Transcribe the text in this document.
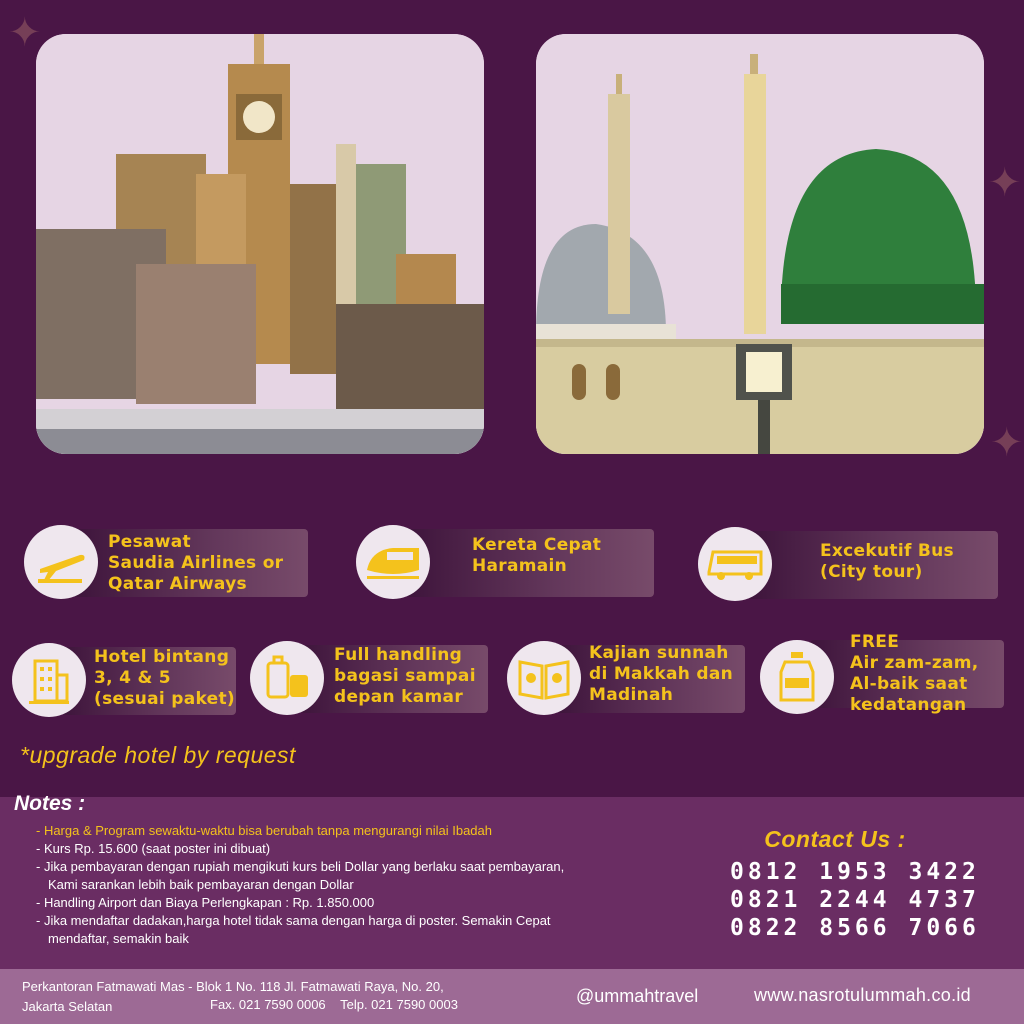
✦
✦
✦
Pesawat
Saudia Airlines or
Qatar Airways
Kereta Cepat
Haramain
Excekutif Bus
(City tour)
Hotel bintang
3, 4 & 5
(sesuai paket)
Full handling
bagasi sampai
depan kamar
Kajian sunnah
di Makkah dan
Madinah
FREE
Air zam-zam,
Al-baik saat
kedatangan
*upgrade hotel by request
Notes :
- Harga & Program sewaktu-waktu bisa berubah tanpa mengurangi nilai Ibadah
- Kurs Rp. 15.600 (saat poster ini dibuat)
- Jika pembayaran dengan rupiah mengikuti kurs beli Dollar yang berlaku saat pembayaran, Kami sarankan lebih baik pembayaran dengan Dollar
- Handling Airport dan Biaya Perlengkapan : Rp. 1.850.000
- Jika mendaftar dadakan,harga hotel tidak sama dengan harga di poster. Semakin Cepat mendaftar, semakin baik
Contact Us :
0812 1953 3422
0821 2244 4737
0822 8566 7066
Perkantoran Fatmawati Mas - Blok 1 No. 118 Jl. Fatmawati Raya, No. 20,
Jakarta Selatan	Fax. 021 7590 0006 Telp. 021 7590 0003	@ummahtravel	www.nasrotulummah.co.id
